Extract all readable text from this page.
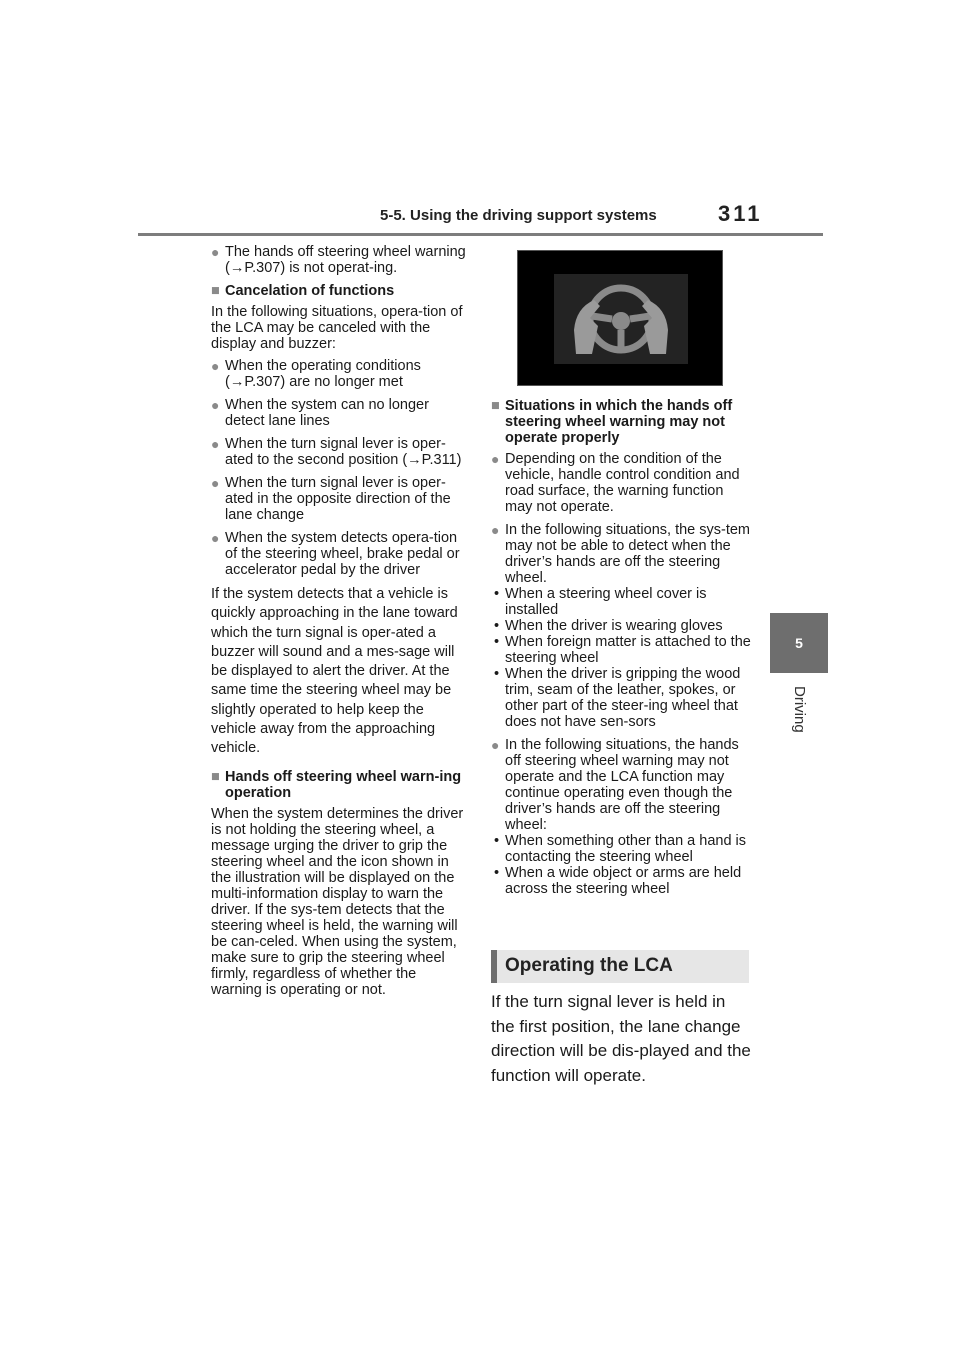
5-5. Using the driving support systems	311
5
Driving
● The hands off steering wheel warning (→P.307) is not operat-ing.
■ Cancelation of functions

In the following situations, opera-tion of the LCA may be canceled with the display and buzzer:

● When the operating conditions (→P.307) are no longer met
● When the system can no longer detect lane lines
● When the turn signal lever is oper-ated to the second position (→P.311)
● When the turn signal lever is oper-ated in the opposite direction of the lane change
● When the system detects opera-tion of the steering wheel, brake pedal or accelerator pedal by the driver

If the system detects that a vehicle is quickly approaching in the lane toward which the turn signal is oper-ated a buzzer will sound and a mes-sage will be displayed to alert the driver. At the same time the steering wheel may be slightly operated to help keep the vehicle away from the approaching vehicle.

■ Hands off steering wheel warn-ing operation

When the system determines the driver is not holding the steering wheel, a message urging the driver to grip the steering wheel and the icon shown in the illustration will be displayed on the multi-information display to warn the driver. If the sys-tem detects that the steering wheel is held, the warning will be can-celed. When using the system, make sure to grip the steering wheel firmly, regardless of whether the warning is operating or not.

■ Situations in which the hands off steering wheel warning may not operate properly
● Depending on the condition of the vehicle, handle control condition and road surface, the warning function may not operate.
● In the following situations, the sys-tem may not be able to detect when the driver’s hands are off the steering wheel.
• When a steering wheel cover is installed
• When the driver is wearing gloves
• When foreign matter is attached to the steering wheel
• When the driver is gripping the wood trim, seam of the leather, spokes, or other part of the steer-ing wheel that does not have sen-sors
● In the following situations, the hands off steering wheel warning may not operate and the LCA function may continue operating even though the driver’s hands are off the steering wheel:
• When something other than a hand is contacting the steering wheel
• When a wide object or arms are held across the steering wheel
Operating the LCA
If the turn signal lever is held in the first position, the lane change direction will be dis-played and the function will operate.
